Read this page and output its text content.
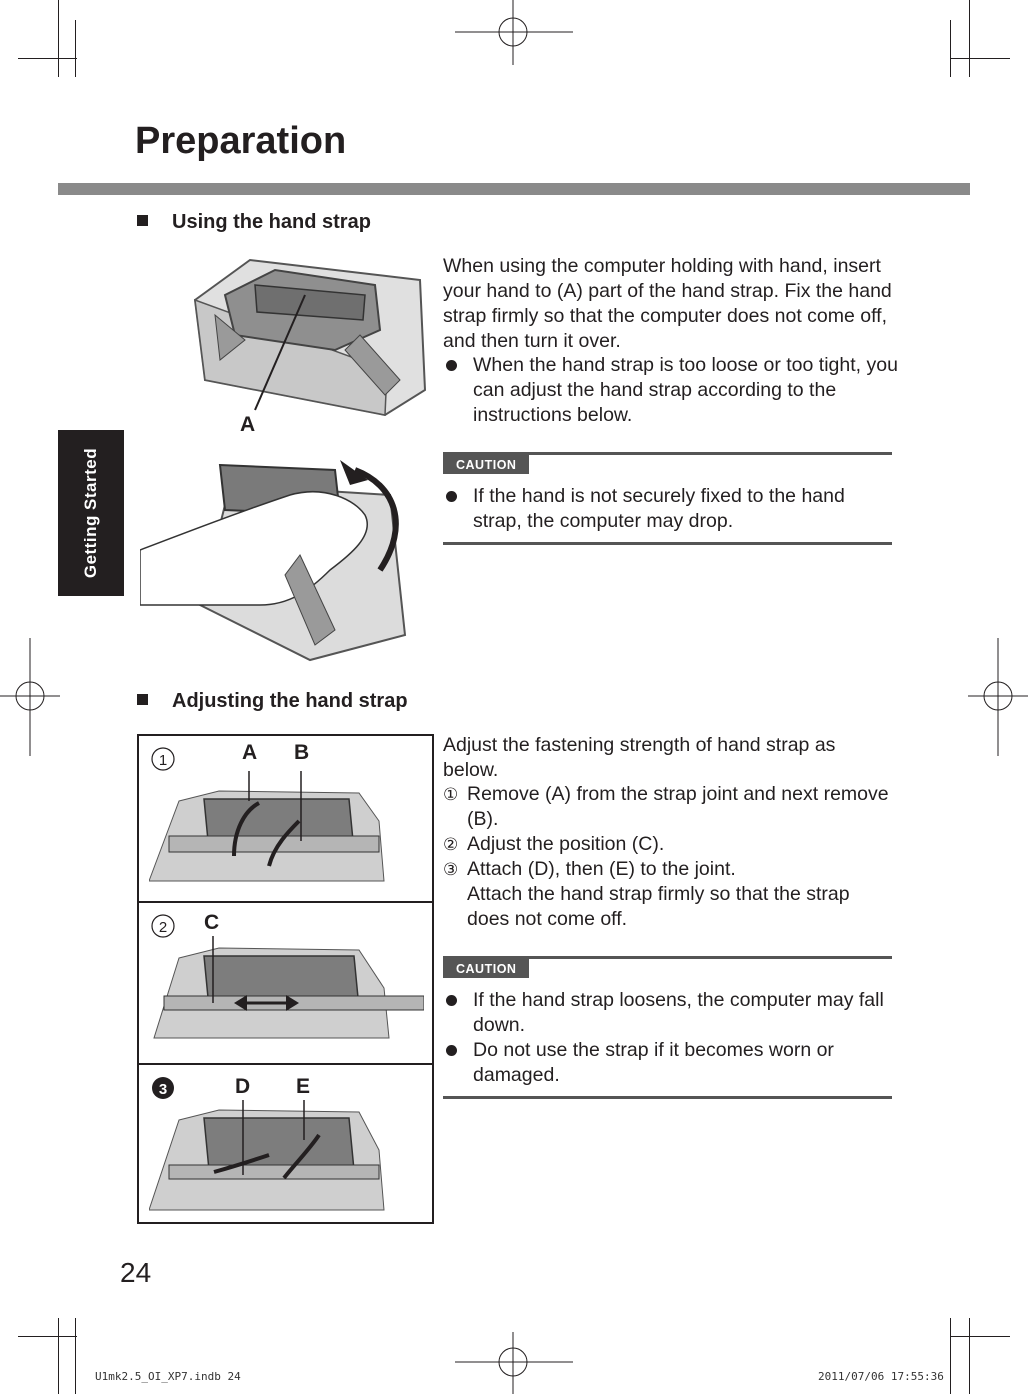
Preparation
Getting Started
Using the hand strap
A
When using the computer holding with hand, insert your hand to (A) part of the hand strap. Fix the hand strap firmly so that the computer does not come off, and then turn it over.
When the hand strap is too loose or too tight, you can adjust the hand strap according to the instructions below.
CAUTION
If the hand is not securely fixed to the hand strap, the computer may drop.
Adjusting the hand strap
1	A B
2 C
3	D E
Adjust the fastening strength of hand strap as below.
① Remove (A) from the strap joint and next remove (B).
② Adjust the position (C).
③ Attach (D), then (E) to the joint.
Attach the hand strap firmly so that the strap does not come off.
CAUTION
If the hand strap loosens, the computer may fall down.
Do not use the strap if it becomes worn or damaged.
24
U1mk2.5_OI_XP7.indb 24	2011/07/06 17:55:36
